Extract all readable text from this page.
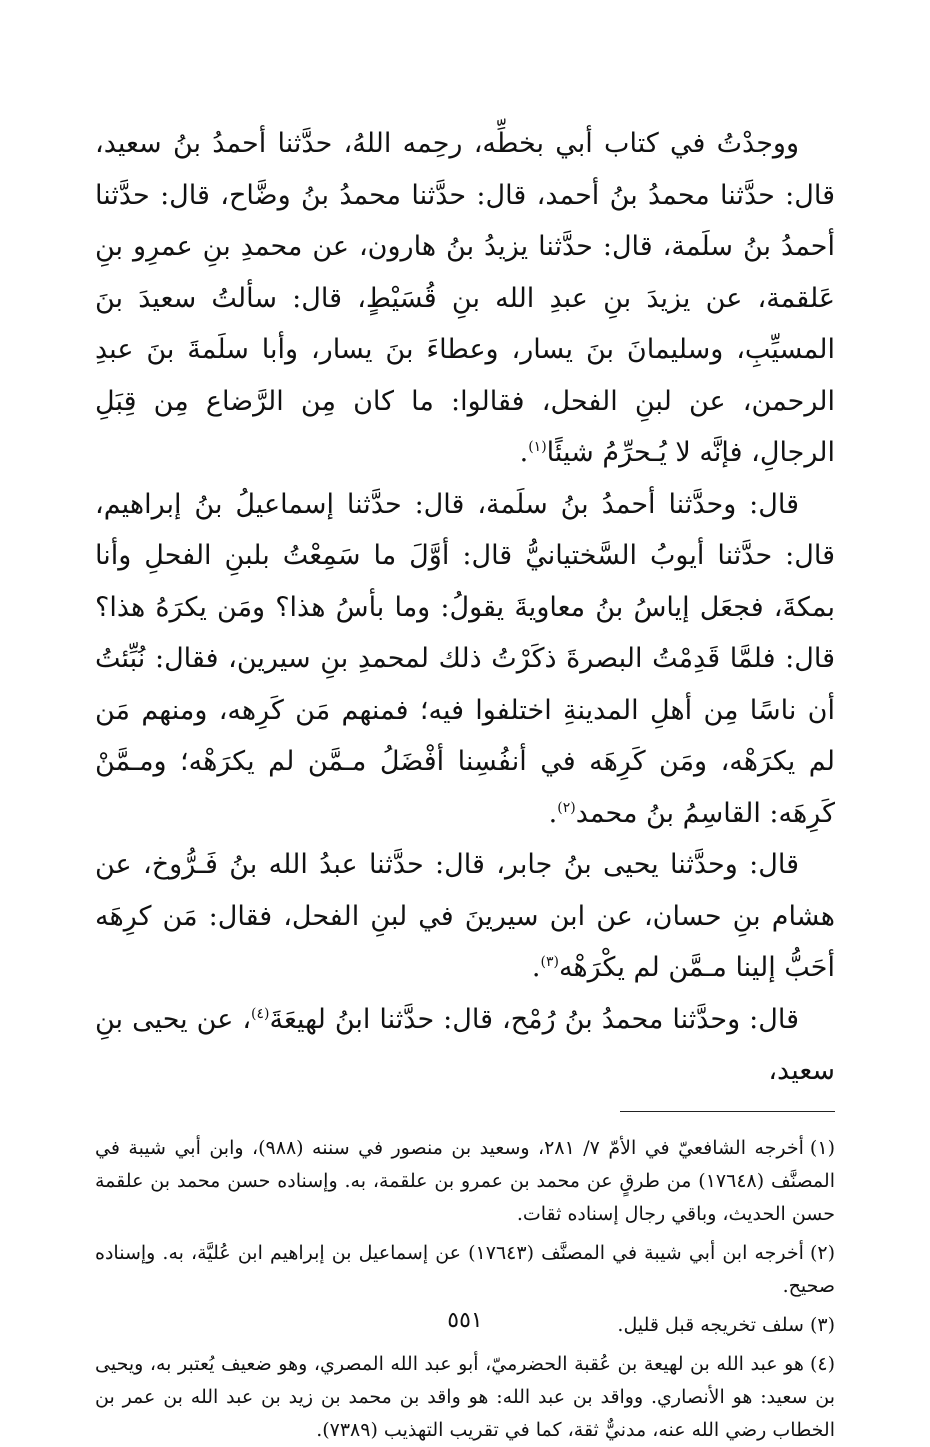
ووجدْتُ في كتاب أبي بخطِّه، رحِمه اللهُ، حدَّثنا أحمدُ بنُ سعيد، قال: حدَّثنا محمدُ بنُ أحمد، قال: حدَّثنا محمدُ بنُ وضَّاح، قال: حدَّثنا أحمدُ بنُ سلَمة، قال: حدَّثنا يزيدُ بنُ هارون، عن محمدِ بنِ عمرِو بنِ عَلقمة، عن يزيدَ بنِ عبدِ الله بنِ قُسَيْطٍ، قال: سألتُ سعيدَ بنَ المسيِّبِ، وسليمانَ بنَ يسار، وعطاءَ بنَ يسار، وأبا سلَمةَ بنَ عبدِ الرحمن، عن لبنِ الفحل، فقالوا: ما كان مِن الرَّضاع مِن قِبَلِ الرجالِ، فإنَّه لا يُـحرِّمُ شيئًا$^{(١)}$.

قال: وحدَّثنا أحمدُ بنُ سلَمة، قال: حدَّثنا إسماعيلُ بنُ إبراهيم، قال: حدَّثنا أيوبُ السَّختيانيُّ قال: أوَّلَ ما سَمِعْتُ بلبنِ الفحلِ وأنا بمكةَ، فجعَل إياسُ بنُ معاويةَ يقولُ: وما بأسُ هذا؟ ومَن يكرَهُ هذا؟ قال: فلمَّا قَدِمْتُ البصرةَ ذكَرْتُ ذلك لمحمدِ بنِ سيرين، فقال: نُبِّئتُ أن ناسًا مِن أهلِ المدينةِ اختلفوا فيه؛ فمنهم مَن كَرِهه، ومنهم مَن لم يكرَهْه، ومَن كَرِهَه في أنفُسِنا أفْضَلُ مـمَّن لم يكرَهْه؛ ومـمَّنْ كَرِهَه: القاسِمُ بنُ محمد$^{(٢)}$.

قال: وحدَّثنا يحيى بنُ جابر، قال: حدَّثنا عبدُ الله بنُ فَـرُّوخ، عن هشام بنِ حسان، عن ابن سيرينَ في لبنِ الفحل، فقال: مَن كرِهَه أحَبُّ إلينا مـمَّن لم يكْرَهْه$^{(٣)}$.

قال: وحدَّثنا محمدُ بنُ رُمْح، قال: حدَّثنا ابنُ لهيعَةَ$^{(٤)}$، عن يحيى بنِ سعيد،

(١)أخرجه الشافعيّ في الأمّ ٧/ ٢٨١، وسعيد بن منصور في سننه (٩٨٨)، وابن أبي شيبة في المصنَّف (١٧٦٤٨) من طرقٍ عن محمد بن عمرو بن علقمة، به. وإسناده حسن محمد بن علقمة حسن الحديث، وباقي رجال إسناده ثقات.

(٢)أخرجه ابن أبي شيبة في المصنَّف (١٧٦٤٣) عن إسماعيل بن إبراهيم ابن عُليَّة، به. وإسناده صحيح.

(٣)سلف تخريجه قبل قليل.

(٤)هو عبد الله بن لهيعة بن عُقبة الحضرميّ، أبو عبد الله المصري، وهو ضعيف يُعتبر به، ويحيى بن سعيد: هو الأنصاري. وواقد بن عبد الله: هو واقد بن محمد بن زيد بن عبد الله بن عمر بن الخطاب رضي الله عنه، مدنيٌّ ثقة، كما في تقريب التهذيب (٧٣٨٩).

٥٥١
